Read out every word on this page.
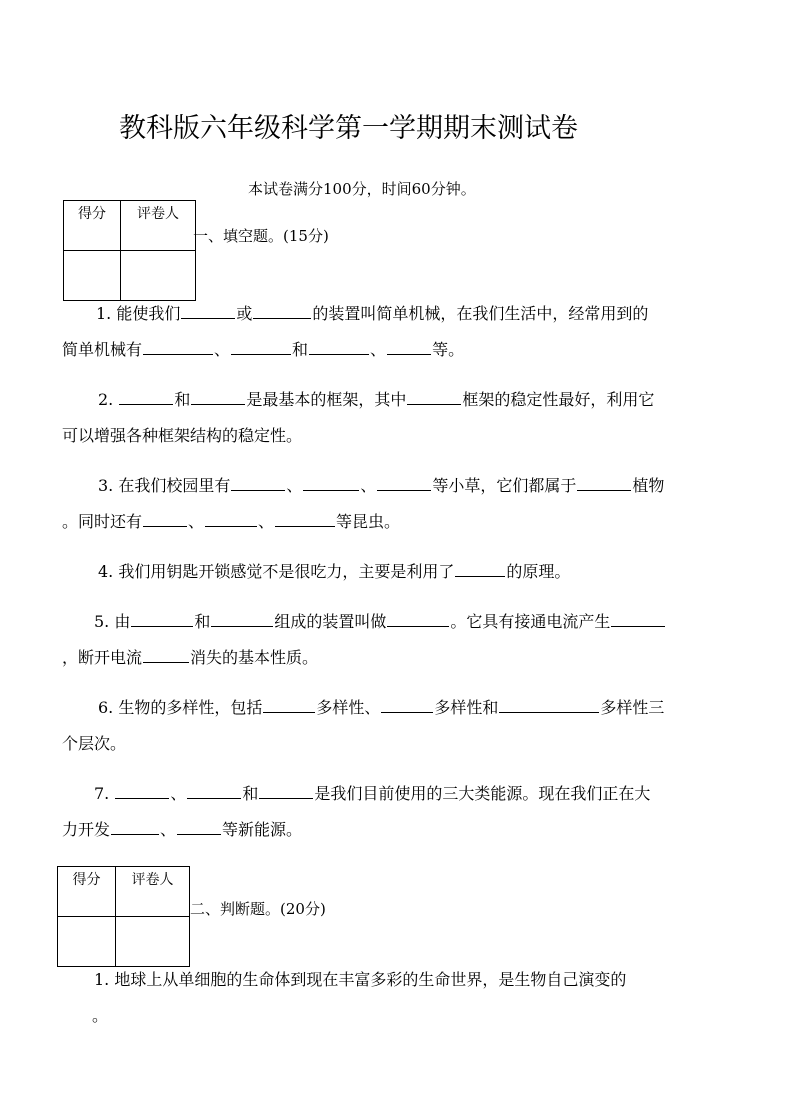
教科版六年级科学第一学期期末测试卷
本试卷满分100分，时间60分钟。
得分	评卷人

一、填空题。(15分)
1. 能使我们	或	的装置叫简单机械，在我们生活中，经常用到的
简单机械有	、	和	、	等。
2.	和	是最基本的框架，其中	框架的稳定性最好，利用它
可以增强各种框架结构的稳定性。
3. 在我们校园里有	、	、	等小草，它们都属于	植物
。同时还有	、	、	等昆虫。
4. 我们用钥匙开锁感觉不是很吃力，主要是利用了	的原理。
5. 由	和	组成的装置叫做	。它具有接通电流产生
，断开电流	消失的基本性质。
6. 生物的多样性，包括	多样性、	多样性和	多样性三
个层次。
7.	、	和	是我们目前使用的三大类能源。现在我们正在大
力开发	、	等新能源。
得分	评卷人

二、判断题。(20分)
1. 地球上从单细胞的生命体到现在丰富多彩的生命世界，是生物自己演变的
。
